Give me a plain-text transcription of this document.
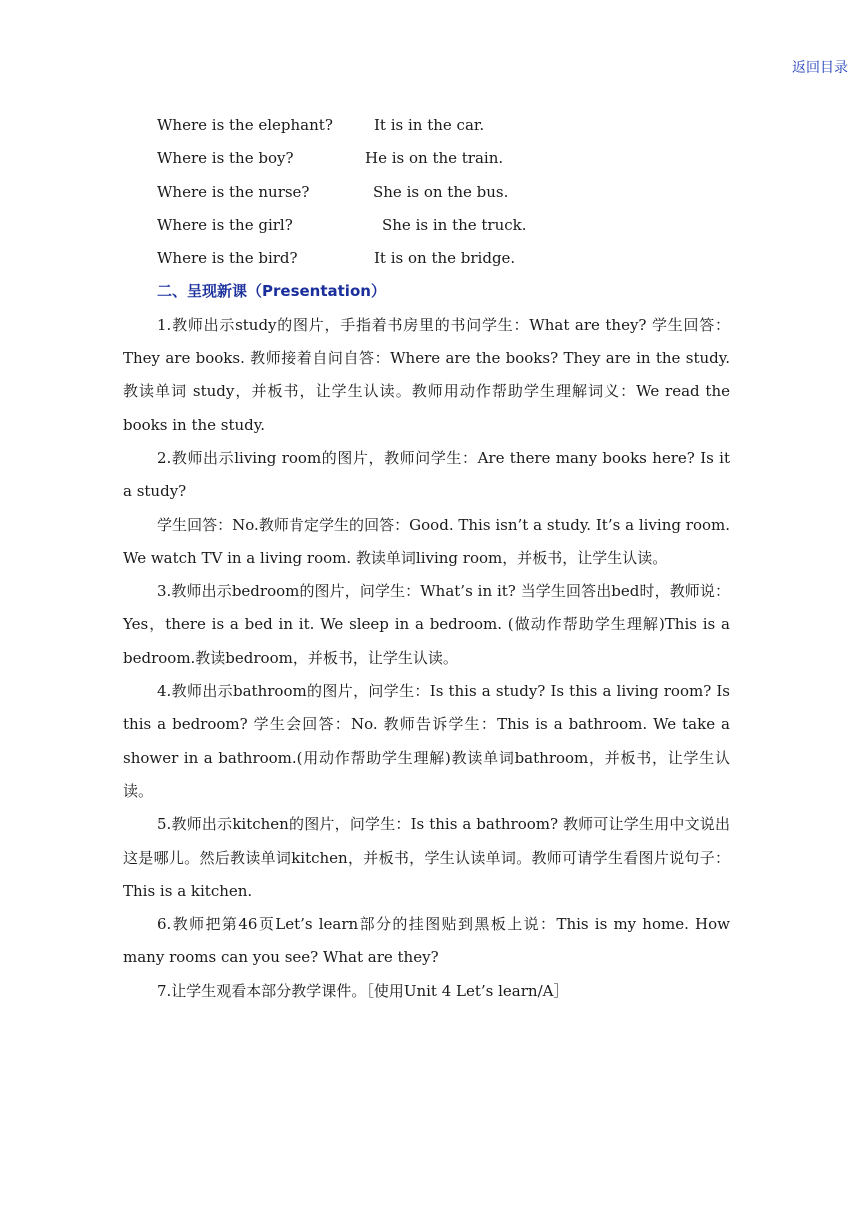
返回目录
Where is the elephant?	It is in the car.
Where is the boy?	He is on the train.
Where is the nurse?	She is on the bus.
Where is the girl?	She is in the truck.
Where is the bird?	It is on the bridge.
二、呈现新课（Presentation）

1.教师出示study的图片，手指着书房里的书问学生：What are they? 学生回答：They are books. 教师接着自问自答：Where are the books? They are in the study. 教读单词 study，并板书，让学生认读。教师用动作帮助学生理解词义：We read the books in the study.

2.教师出示living room的图片，教师问学生：Are there many books here? Is it a study?

学生回答：No.教师肯定学生的回答：Good. This isn’t a study. It’s a living room. We watch TV in a living room. 教读单词living room，并板书，让学生认读。

3.教师出示bedroom的图片，问学生：What’s in it? 当学生回答出bed时，教师说：Yes，there is a bed in it. We sleep in a bedroom. (做动作帮助学生理解)This is a bedroom.教读bedroom，并板书，让学生认读。

4.教师出示bathroom的图片，问学生：Is this a study? Is this a living room? Is this a bedroom? 学生会回答：No. 教师告诉学生：This is a bathroom. We take a shower in a bathroom.(用动作帮助学生理解)教读单词bathroom，并板书，让学生认读。

5.教师出示kitchen的图片，问学生：Is this a bathroom? 教师可让学生用中文说出这是哪儿。然后教读单词kitchen，并板书，学生认读单词。教师可请学生看图片说句子：This is a kitchen.

6.教师把第46页Let’s learn部分的挂图贴到黑板上说：This is my home. How many rooms can you see? What are they?

7.让学生观看本部分教学课件。［使用Unit 4 Let’s learn/A］
